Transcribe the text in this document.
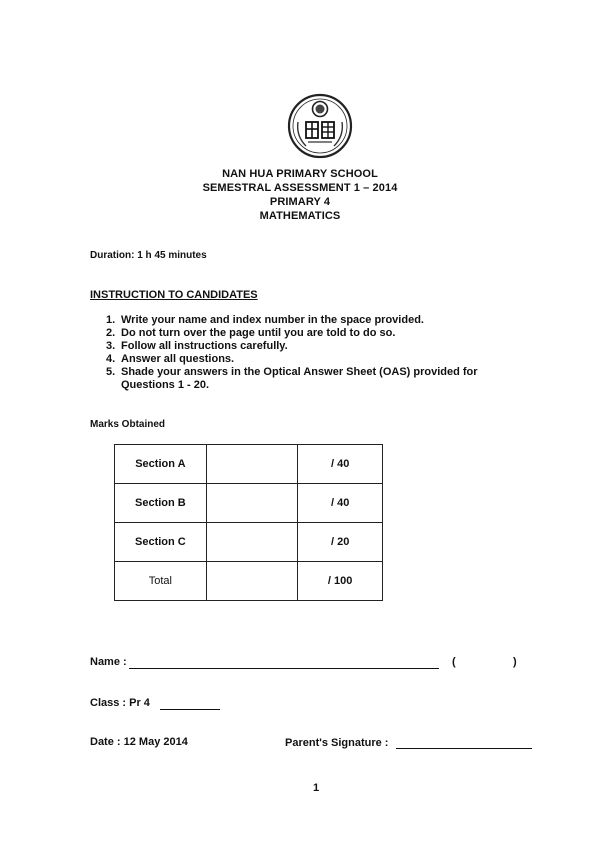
NAN HUA PRIMARY SCHOOL
SEMESTRAL ASSESSMENT 1 – 2014
PRIMARY 4
MATHEMATICS
Duration: 1 h 45 minutes
INSTRUCTION TO CANDIDATES
1. Write your name and index number in the space provided.
2. Do not turn over the page until you are told to do so.
3. Follow all instructions carefully.
4. Answer all questions.
5. Shade your answers in the Optical Answer Sheet (OAS) provided for Questions 1 - 20.
Marks Obtained
Section A		/ 40
Section B		/ 40
Section C		/ 20
Total		/ 100
Name :	(	)
Class : Pr 4
Date : 12 May 2014	Parent's Signature :
1
